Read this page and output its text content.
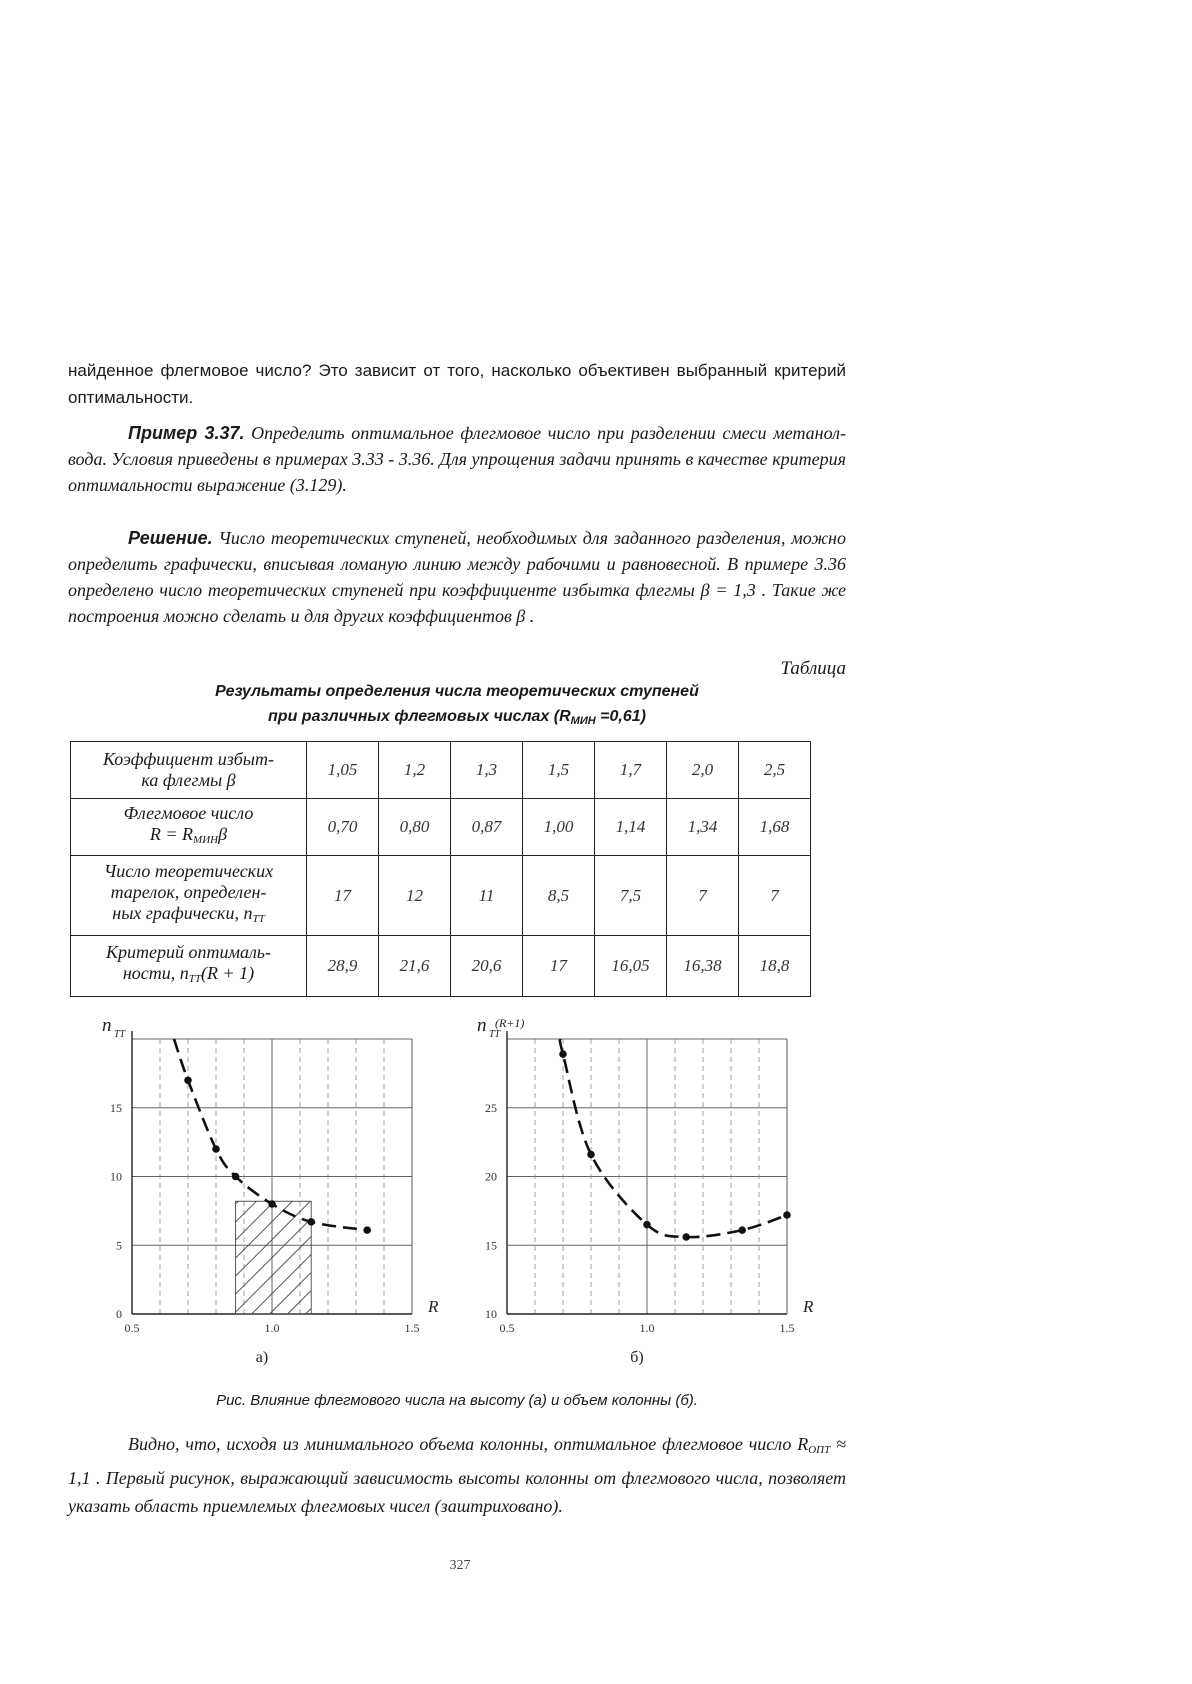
найденное флегмовое число? Это зависит от того, насколько объективен выбранный критерий оптимальности.
Пример 3.37. Определить оптимальное флегмовое число при разделении смеси метанол-вода. Условия приведены в примерах 3.33 - 3.36. Для упрощения задачи принять в качестве критерия оптимальности выражение (3.129).
Решение. Число теоретических ступеней, необходимых для заданного разделения, можно определить графически, вписывая ломаную линию между рабочими и равновесной. В примере 3.36 определено число теоретических ступеней при коэффициенте избытка флегмы β = 1,3 . Такие же построения можно сделать и для других коэффициентов β .
Таблица
Результаты определения числа теоретических ступеней
при различных флегмовых числах $(R_{МИН} =0,61)$
Коэффициент избыт-
ка флегмы β	1,05	1,2	1,3	1,5	1,7	2,0	2,5

Флегмовое число
$R = R_{МИН}\beta$	0,70	0,80	0,87	1,00	1,14	1,34	1,68

Число теоретических
тарелок, определен-
ных графически, $n_{ТТ}$	17	12	11	8,5	7,5	7	7

Критерий оптималь-
ности, $n_{ТТ}(R + 1)$	28,9	21,6	20,6	17	16,05	16,38	18,8
0.5	1.0	1.5
0
5
10
15
R
n ТТ
а)
0.5	1.0	1.5
10
15
20
25
R
n ТТ
(R+1)
б)
Рис. Влияние флегмового числа на высоту (а) и объем колонны (б).
Видно, что, исходя из минимального объема колонны, оптимальное флегмовое число $R_{ОПТ} \approx 1,1$ . Первый рисунок, выражающий зависимость высоты колонны от флегмового числа, позволяет указать область приемлемых флегмовых чисел (заштриховано).
327
